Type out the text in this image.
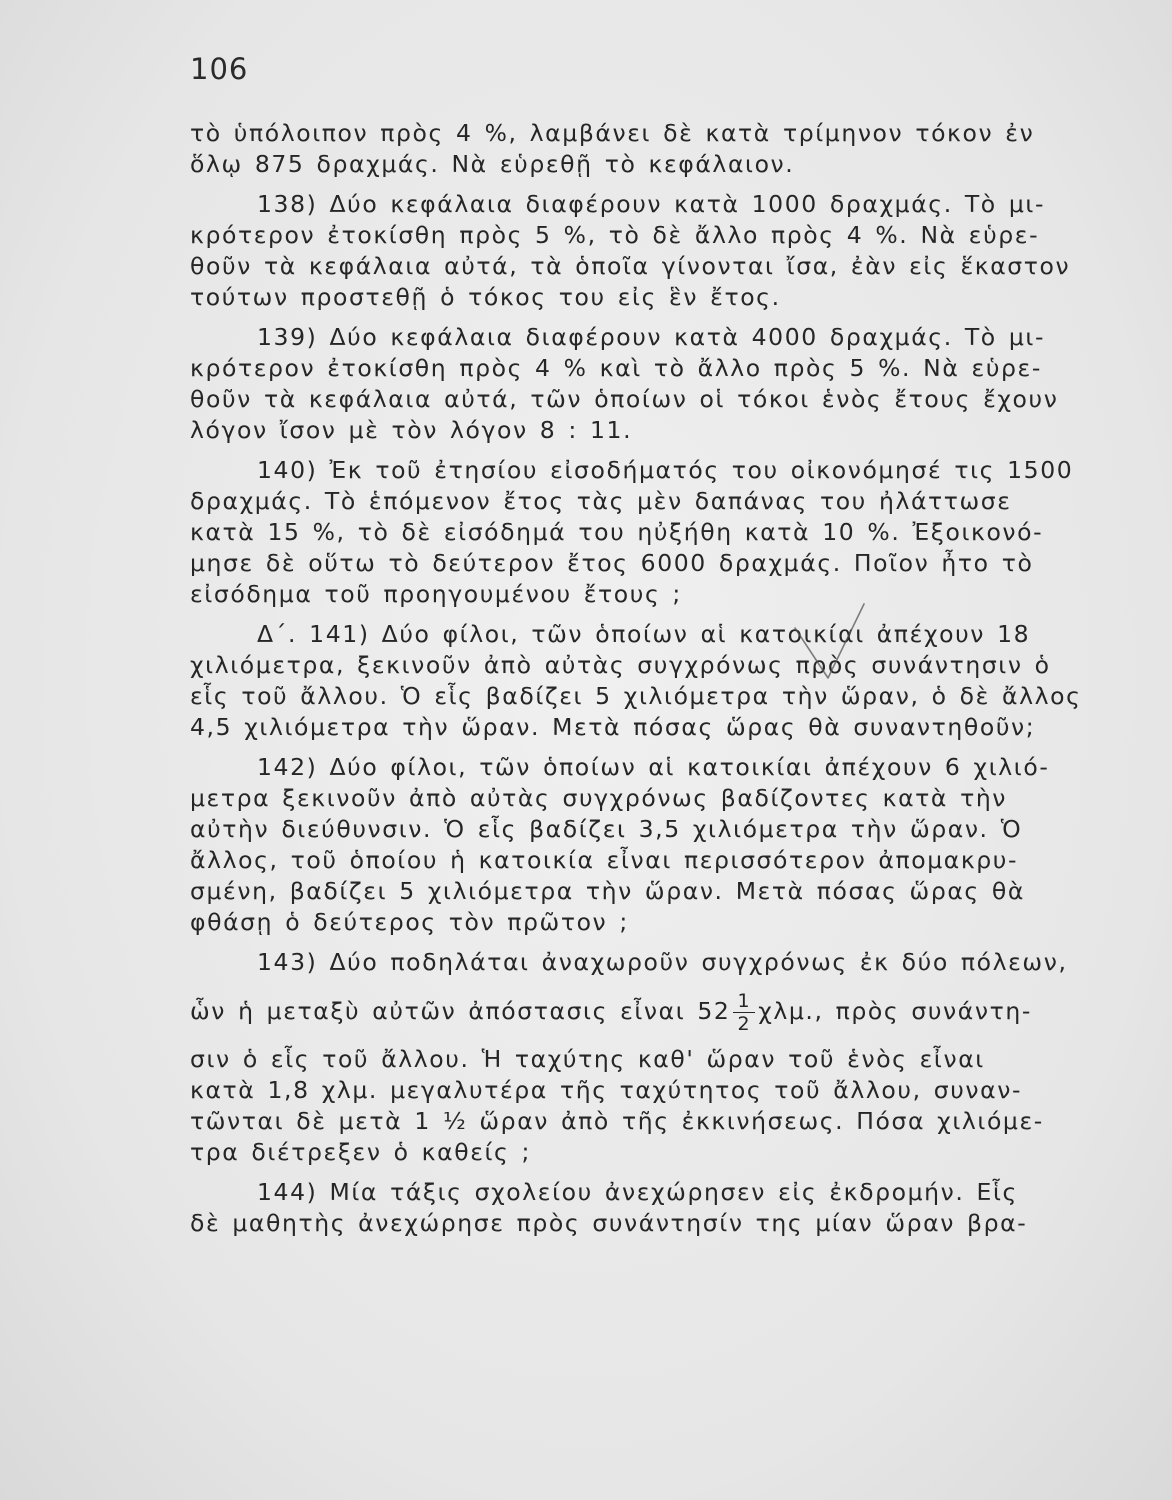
106
τὸ ὑπόλοιπον πρὸς 4 %, λαμβάνει δὲ κατὰ τρίμηνον τόκον ἐν
ὅλῳ 875 δραχμάς. Νὰ εὑρεθῇ τὸ κεφάλαιον.
138) Δύο κεφάλαια διαφέρουν κατὰ 1000 δραχμάς. Τὸ μι-
κρότερον ἐτοκίσθη πρὸς 5 %, τὸ δὲ ἄλλο πρὸς 4 %. Νὰ εὑρε-
θοῦν τὰ κεφάλαια αὐτά, τὰ ὁποῖα γίνονται ἴσα, ἐὰν εἰς ἕκαστον
τούτων προστεθῇ ὁ τόκος του εἰς ἓν ἔτος.
139) Δύο κεφάλαια διαφέρουν κατὰ 4000 δραχμάς. Τὸ μι-
κρότερον ἐτοκίσθη πρὸς 4 % καὶ τὸ ἄλλο πρὸς 5 %. Νὰ εὑρε-
θοῦν τὰ κεφάλαια αὐτά, τῶν ὁποίων οἱ τόκοι ἑνὸς ἔτους ἔχουν
λόγον ἴσον μὲ τὸν λόγον 8 : 11.
140) Ἐκ τοῦ ἐτησίου εἰσοδήματός του οἰκονόμησέ τις 1500
δραχμάς. Τὸ ἑπόμενον ἔτος τὰς μὲν δαπάνας του ἠλάττωσε
κατὰ 15 %, τὸ δὲ εἰσόδημά του ηὐξήθη κατὰ 10 %. Ἐξοικονό-
μησε δὲ οὕτω τὸ δεύτερον ἔτος 6000 δραχμάς. Ποῖον ἦτο τὸ
εἰσόδημα τοῦ προηγουμένου ἔτους ;
Δ΄. 141) Δύο φίλοι, τῶν ὁποίων αἱ κατοικίαι ἀπέχουν 18
χιλιόμετρα, ξεκινοῦν ἀπὸ αὐτὰς συγχρόνως πρὸς συνάντησιν ὁ
εἷς τοῦ ἄλλου. Ὁ εἷς βαδίζει 5 χιλιόμετρα τὴν ὥραν, ὁ δὲ ἄλλος
4,5 χιλιόμετρα τὴν ὥραν. Μετὰ πόσας ὥρας θὰ συναντηθοῦν;
142) Δύο φίλοι, τῶν ὁποίων αἱ κατοικίαι ἀπέχουν 6 χιλιό-
μετρα ξεκινοῦν ἀπὸ αὐτὰς συγχρόνως βαδίζοντες κατὰ τὴν
αὐτὴν διεύθυνσιν. Ὁ εἷς βαδίζει 3,5 χιλιόμετρα τὴν ὥραν. Ὁ
ἄλλος, τοῦ ὁποίου ἡ κατοικία εἶναι περισσότερον ἀπομακρυ-
σμένη, βαδίζει 5 χιλιόμετρα τὴν ὥραν. Μετὰ πόσας ὥρας θὰ
φθάσῃ ὁ δεύτερος τὸν πρῶτον ;
143) Δύο ποδηλάται ἀναχωροῦν συγχρόνως ἐκ δύο πόλεων,
ὧν ἡ μεταξὺ αὐτῶν ἀπόστασις εἶναι $52 \frac{1}{2} \chi\lambda\mu$., πρὸς συνάντη-
σιν ὁ εἷς τοῦ ἄλλου. Ἡ ταχύτης καθ' ὥραν τοῦ ἑνὸς εἶναι
κατὰ 1,8 χλμ. μεγαλυτέρα τῆς ταχύτητος τοῦ ἄλλου, συναν-
τῶνται δὲ μετὰ 1 ½ ὥραν ἀπὸ τῆς ἐκκινήσεως. Πόσα χιλιόμε-
τρα διέτρεξεν ὁ καθείς ;
144) Μία τάξις σχολείου ἀνεχώρησεν εἰς ἐκδρομήν. Εἷς
δὲ μαθητὴς ἀνεχώρησε πρὸς συνάντησίν της μίαν ὥραν βρα-
